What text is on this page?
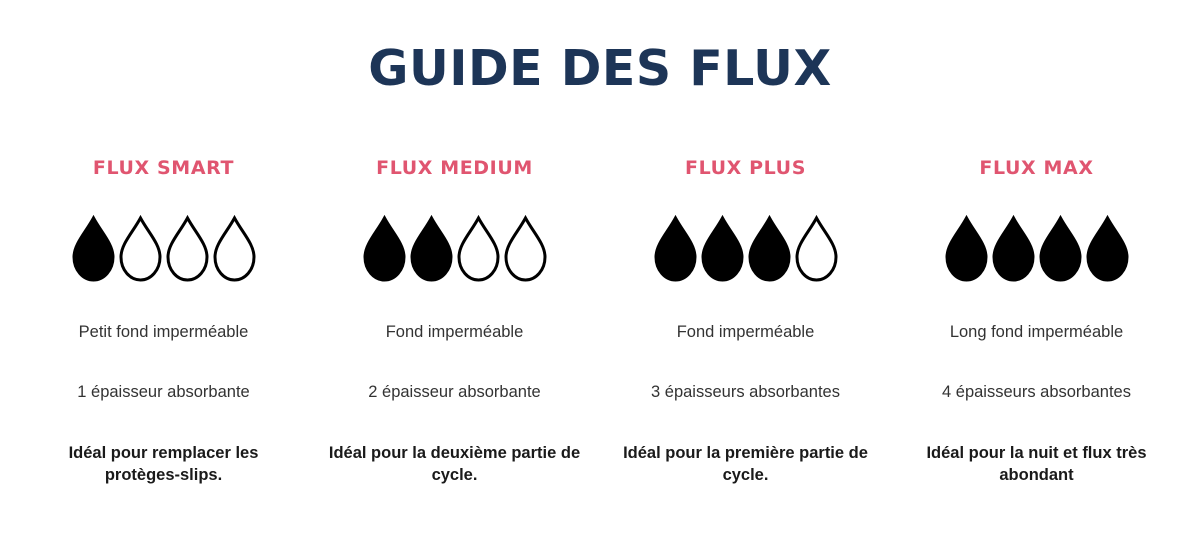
GUIDE DES FLUX
FLUX SMART
Petit fond imperméable
1 épaisseur absorbante
Idéal pour remplacer les protèges-slips.
FLUX MEDIUM
Fond imperméable
2 épaisseur absorbante
Idéal pour la deuxième partie de cycle.
FLUX PLUS
Fond imperméable
3 épaisseurs absorbantes
Idéal pour la première partie de cycle.
FLUX MAX
Long fond imperméable
4 épaisseurs absorbantes
Idéal pour la nuit et flux très abondant
